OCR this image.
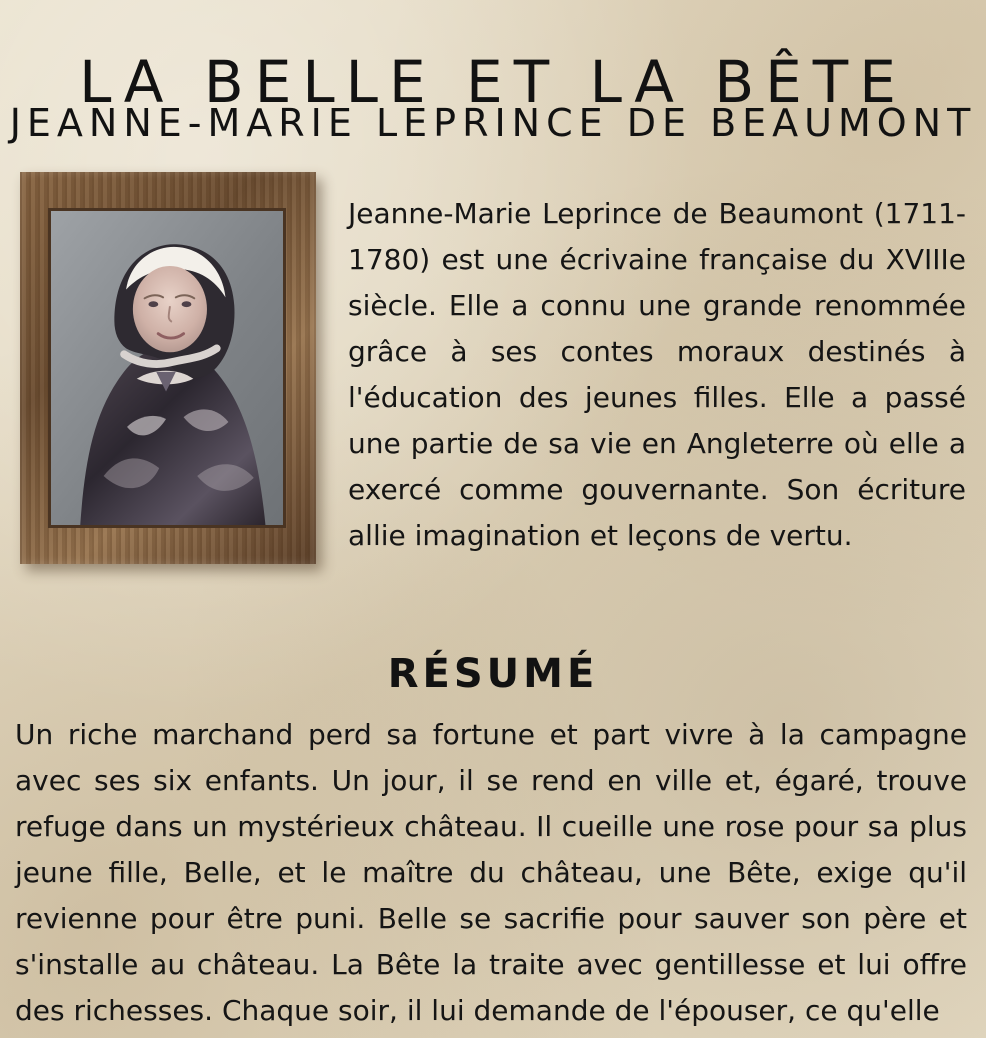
LA BELLE ET LA BÊTE
JEANNE-MARIE LEPRINCE DE BEAUMONT

Jeanne-Marie Leprince de Beaumont (1711-1780) est une écrivaine française du XVIIIe siècle. Elle a connu une grande renommée grâce à ses contes moraux destinés à l'éducation des jeunes filles. Elle a passé une partie de sa vie en Angleterre où elle a exercé comme gouvernante. Son écriture allie imagination et leçons de vertu.

RÉSUMÉ

Un riche marchand perd sa fortune et part vivre à la campagne avec ses six enfants. Un jour, il se rend en ville et, égaré, trouve refuge dans un mystérieux château. Il cueille une rose pour sa plus jeune fille, Belle, et le maître du château, une Bête, exige qu'il revienne pour être puni. Belle se sacrifie pour sauver son père et s'installe au château. La Bête la traite avec gentillesse et lui offre des richesses. Chaque soir, il lui demande de l'épouser, ce qu'elle
